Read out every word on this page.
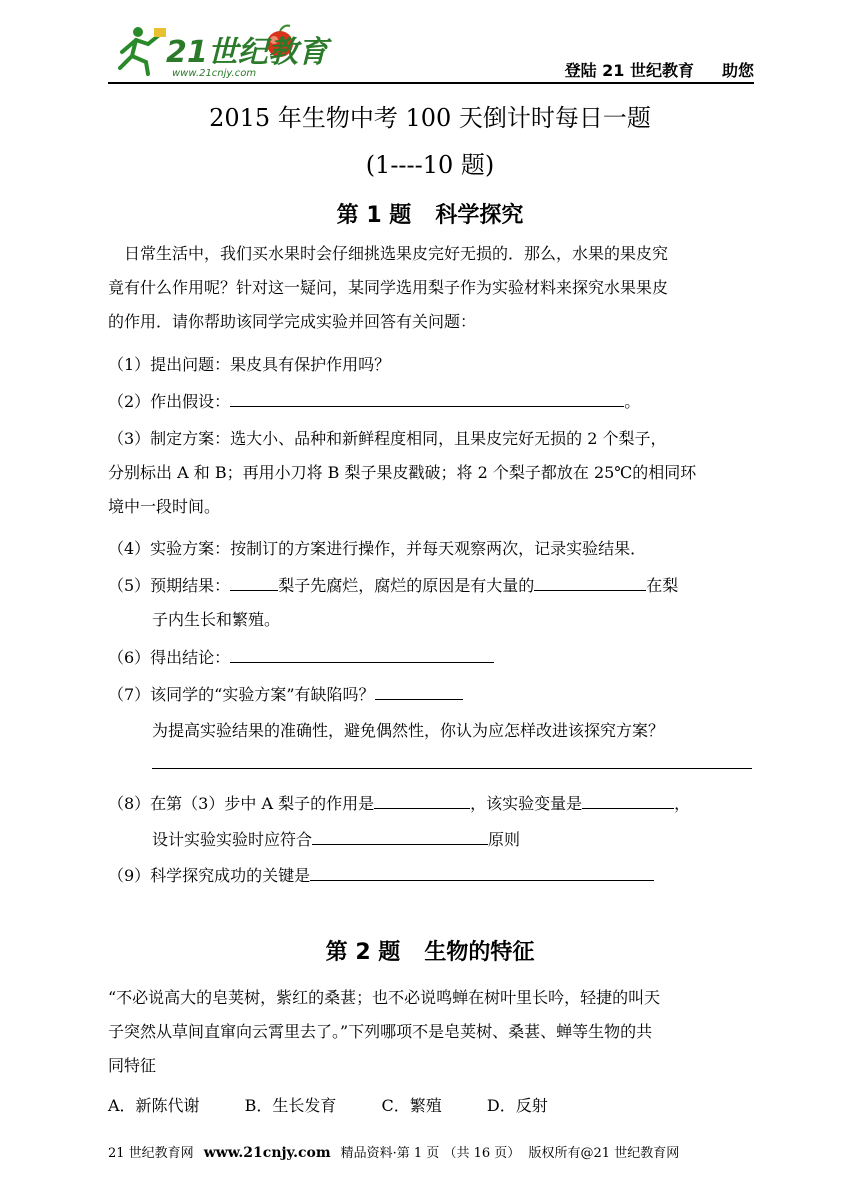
21世纪教育
www.21cnjy.com	登陆 21 世纪教育 助您
2015 年生物中考 100 天倒计时每日一题
(1----10 题)
第 1 题 科学探究
日常生活中，我们买水果时会仔细挑选果皮完好无损的．那么，水果的果皮究
竟有什么作用呢？针对这一疑问，某同学选用梨子作为实验材料来探究水果果皮
的作用．请你帮助该同学完成实验并回答有关问题：
（1）提出问题：果皮具有保护作用吗？
（2）作出假设：	。
（3）制定方案：选大小、品种和新鲜程度相同，且果皮完好无损的 2 个梨子，
分别标出 A 和 B；再用小刀将 B 梨子果皮戳破；将 2 个梨子都放在 25℃的相同环
境中一段时间。
（4）实验方案：按制订的方案进行操作，并每天观察两次，记录实验结果．
（5）预期结果：	梨子先腐烂，腐烂的原因是有大量的	在梨
子内生长和繁殖。
（6）得出结论：
（7）该同学的“实验方案”有缺陷吗？
为提高实验结果的准确性，避免偶然性，你认为应怎样改进该探究方案？
（8）在第（3）步中 A 梨子的作用是	，该实验变量是	，
设计实验实验时应符合	原则
（9）科学探究成功的关键是
第 2 题 生物的特征
“不必说高大的皂荚树，紫红的桑葚；也不必说鸣蝉在树叶里长吟，轻捷的叫天
子突然从草间直窜向云霄里去了。”下列哪项不是皂荚树、桑葚、蝉等生物的共
同特征
A．新陈代谢	B．生长发育	C．繁殖	D．反射
21 世纪教育网 www.21cnjy.com 精品资料·第 1 页 （共 16 页） 版权所有@21 世纪教育网
